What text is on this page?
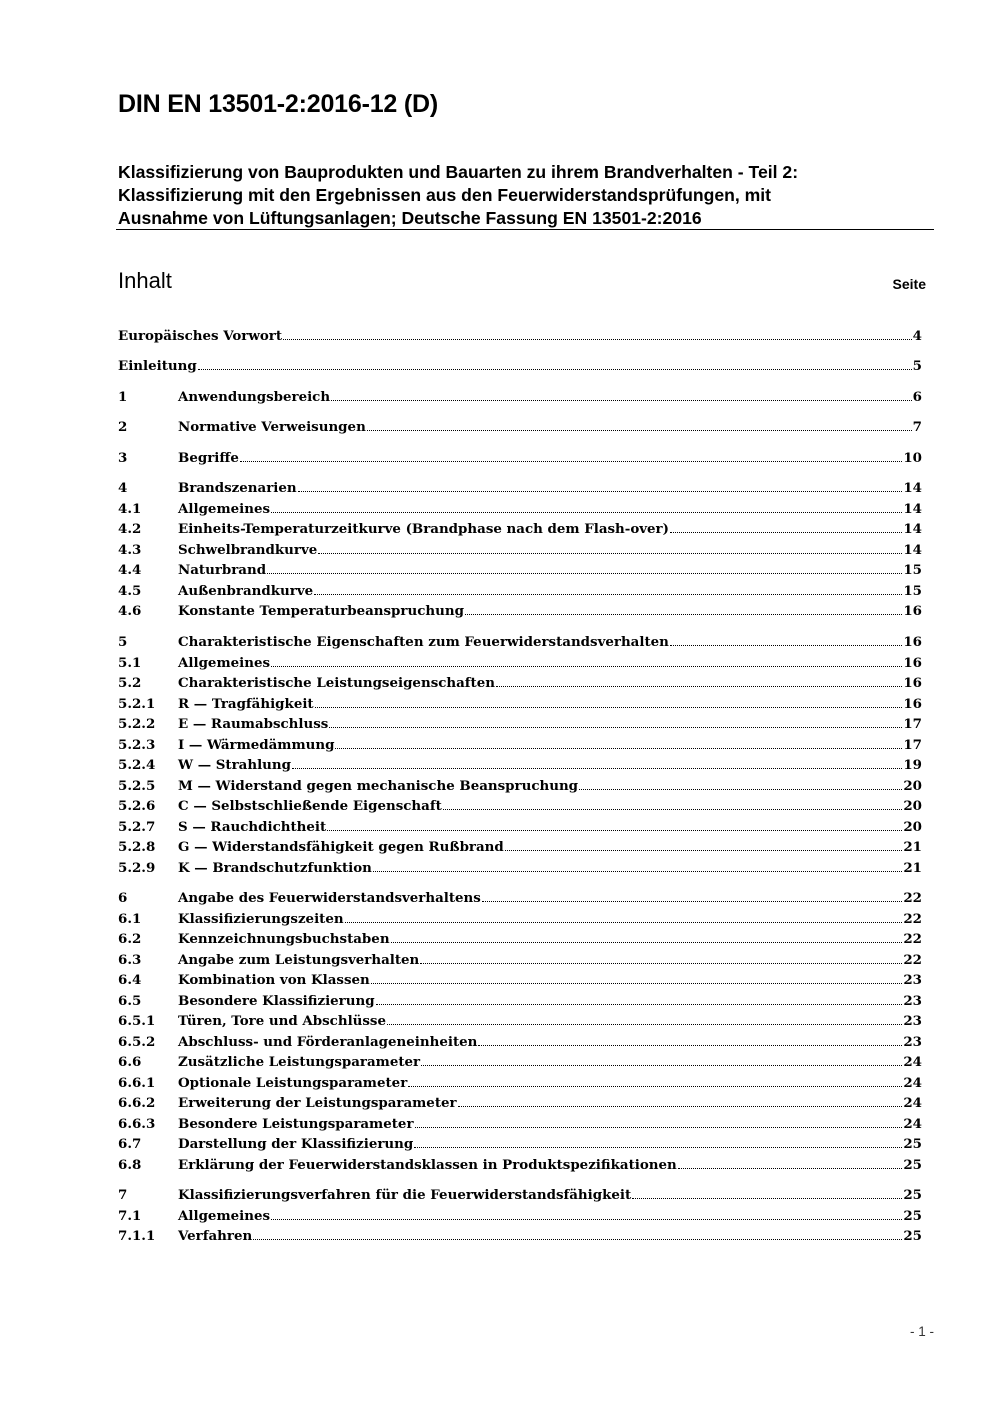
DIN EN 13501-2:2016-12 (D)
Klassifizierung von Bauprodukten und Bauarten zu ihrem Brandverhalten - Teil 2:
Klassifizierung mit den Ergebnissen aus den Feuerwiderstandsprüfungen, mit
Ausnahme von Lüftungsanlagen; Deutsche Fassung EN 13501-2:2016
Inhalt	Seite
Europäisches Vorwort	4
Einleitung	5
1	Anwendungsbereich	6
2	Normative Verweisungen	7
3	Begriffe	10
4	Brandszenarien	14
4.1	Allgemeines	14
4.2	Einheits-Temperaturzeitkurve (Brandphase nach dem Flash-over)	14
4.3	Schwelbrandkurve	14
4.4	Naturbrand	15
4.5	Außenbrandkurve	15
4.6	Konstante Temperaturbeanspruchung	16
5	Charakteristische Eigenschaften zum Feuerwiderstandsverhalten	16
5.1	Allgemeines	16
5.2	Charakteristische Leistungseigenschaften	16
5.2.1	R — Tragfähigkeit	16
5.2.2	E — Raumabschluss	17
5.2.3	I — Wärmedämmung	17
5.2.4	W — Strahlung	19
5.2.5	M — Widerstand gegen mechanische Beanspruchung	20
5.2.6	C — Selbstschließende Eigenschaft	20
5.2.7	S — Rauchdichtheit	20
5.2.8	G — Widerstandsfähigkeit gegen Rußbrand	21
5.2.9	K — Brandschutzfunktion	21
6	Angabe des Feuerwiderstandsverhaltens	22
6.1	Klassifizierungszeiten	22
6.2	Kennzeichnungsbuchstaben	22
6.3	Angabe zum Leistungsverhalten	22
6.4	Kombination von Klassen	23
6.5	Besondere Klassifizierung	23
6.5.1	Türen, Tore und Abschlüsse	23
6.5.2	Abschluss- und Förderanlageneinheiten	23
6.6	Zusätzliche Leistungsparameter	24
6.6.1	Optionale Leistungsparameter	24
6.6.2	Erweiterung der Leistungsparameter	24
6.6.3	Besondere Leistungsparameter	24
6.7	Darstellung der Klassifizierung	25
6.8	Erklärung der Feuerwiderstandsklassen in Produktspezifikationen	25
7	Klassifizierungsverfahren für die Feuerwiderstandsfähigkeit	25
7.1	Allgemeines	25
7.1.1	Verfahren	25
- 1 -
